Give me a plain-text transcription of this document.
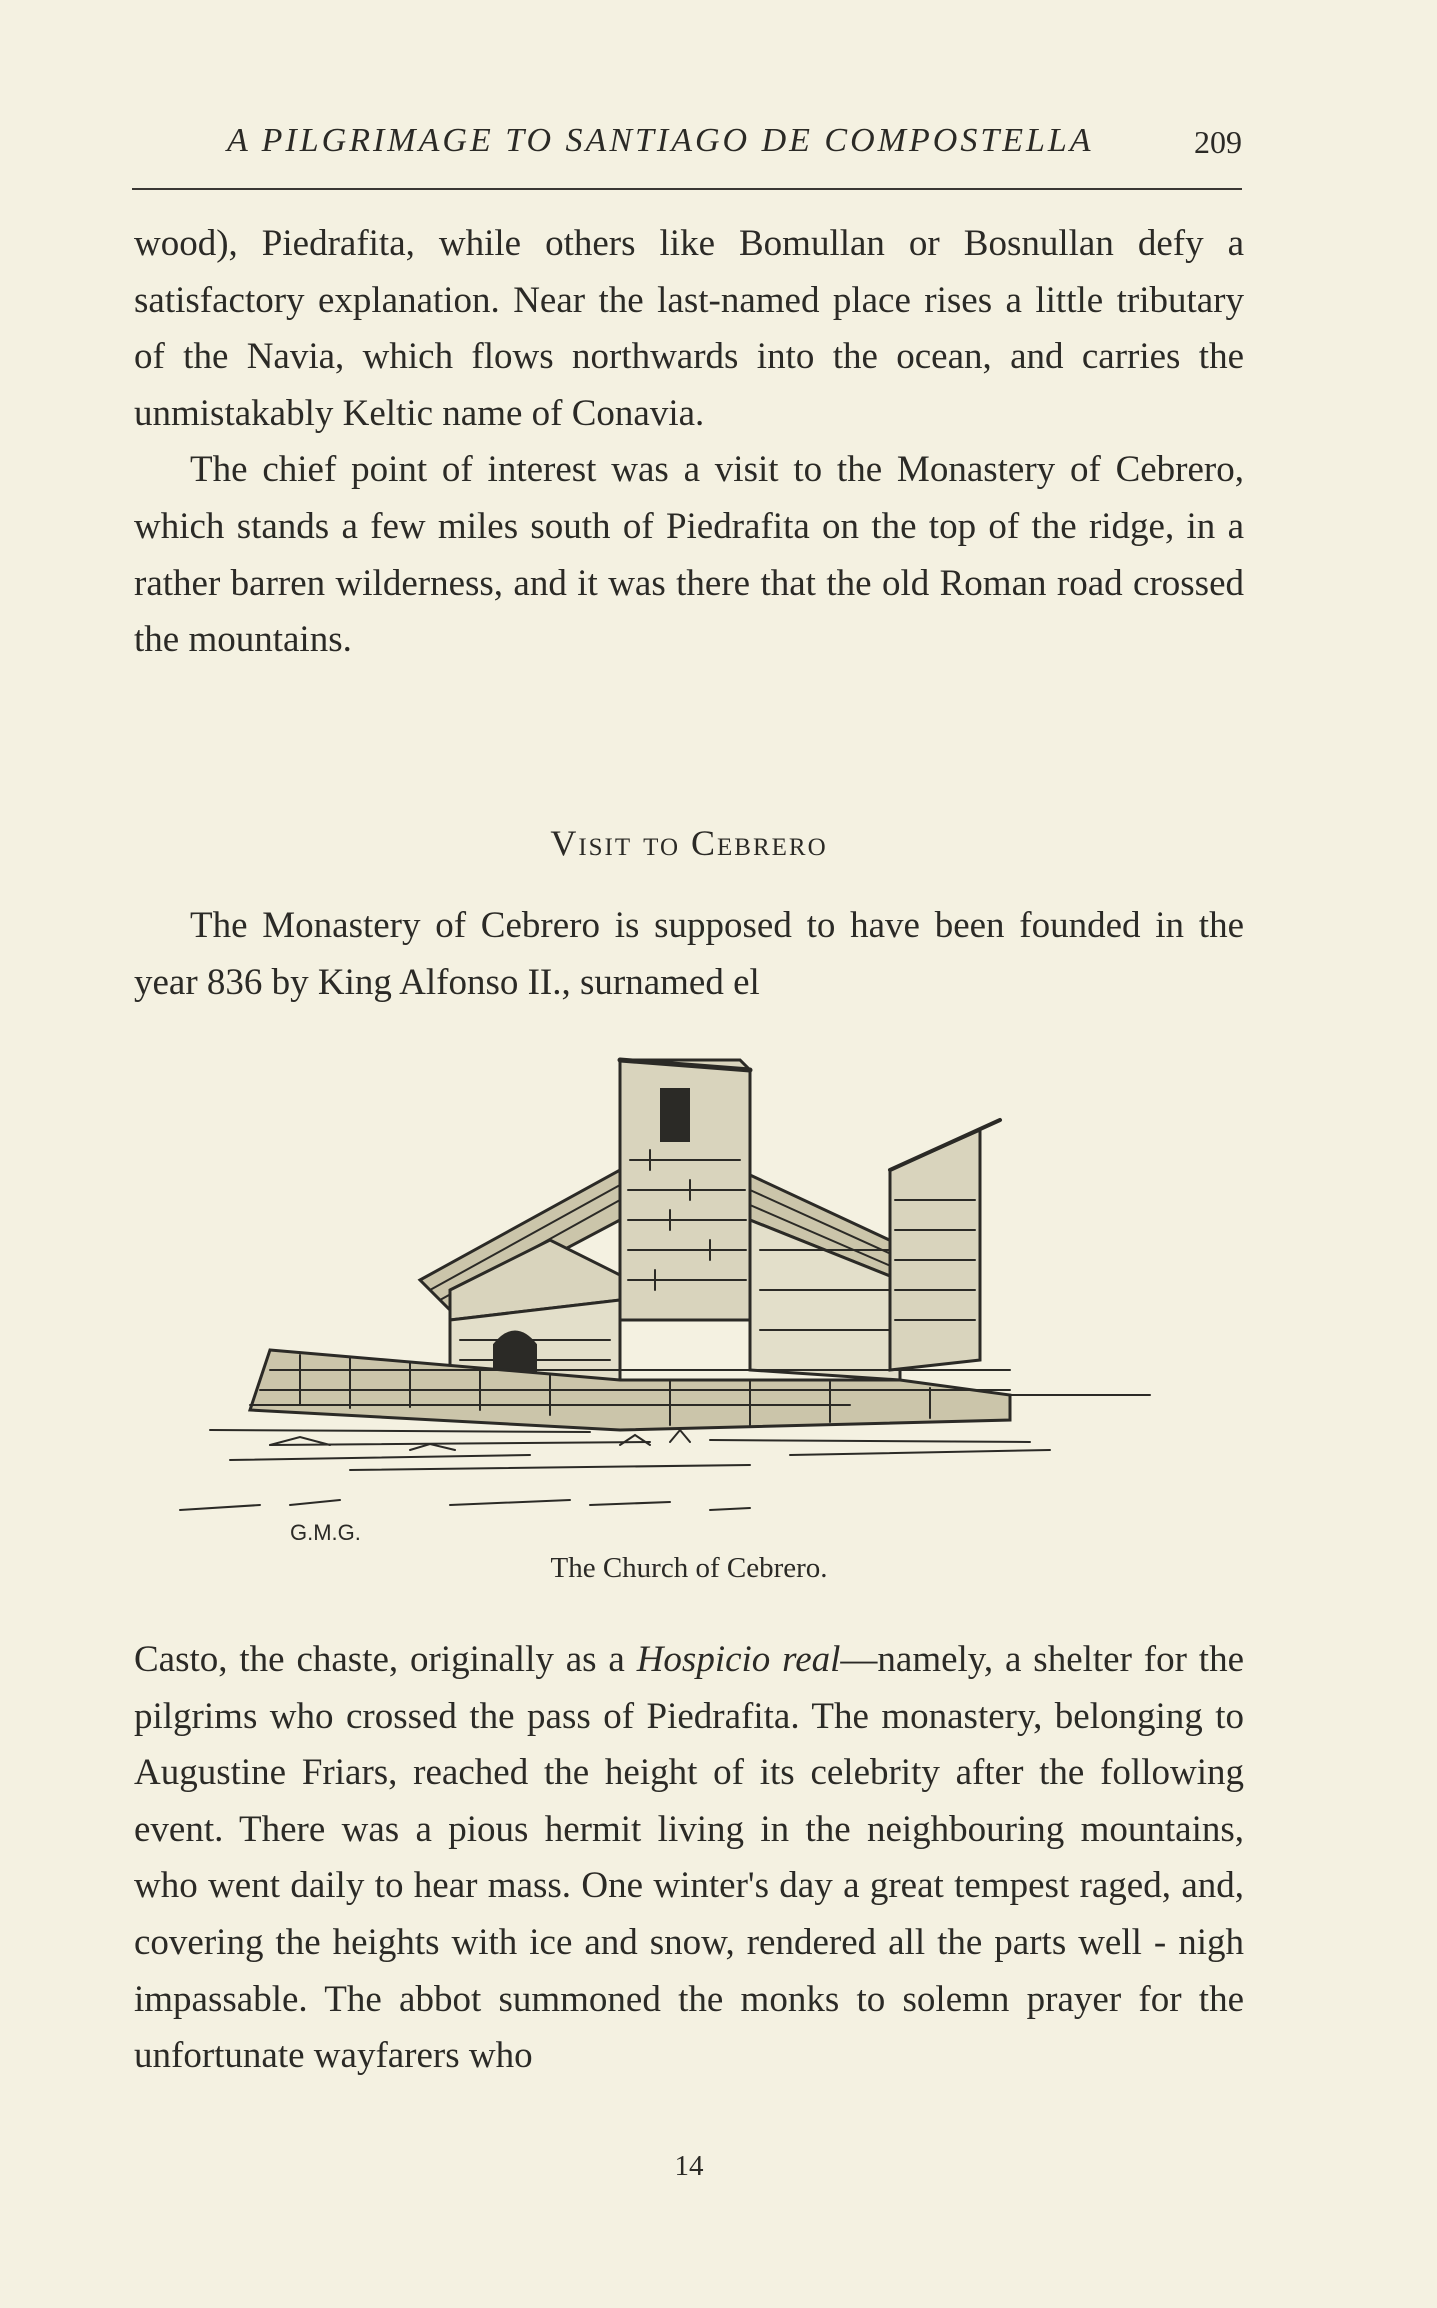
A PILGRIMAGE TO SANTIAGO DE COMPOSTELLA	209

wood), Piedrafita, while others like Bomullan or Bosnullan defy a satisfactory explanation. Near the last-named place rises a little tributary of the Navia, which flows northwards into the ocean, and carries the unmistakably Keltic name of Conavia.

The chief point of interest was a visit to the Monastery of Cebrero, which stands a few miles south of Piedrafita on the top of the ridge, in a rather barren wilderness, and it was there that the old Roman road crossed the mountains.

Visit to Cebrero

The Monastery of Cebrero is supposed to have been founded in the year 836 by King Alfonso II., surnamed el

G.M.G.
The Church of Cebrero.

Casto, the chaste, originally as a Hospicio real—namely, a shelter for the pilgrims who crossed the pass of Piedrafita. The monastery, belonging to Augustine Friars, reached the height of its celebrity after the following event. There was a pious hermit living in the neighbouring mountains, who went daily to hear mass. One winter's day a great tempest raged, and, covering the heights with ice and snow, rendered all the parts well - nigh impassable. The abbot summoned the monks to solemn prayer for the unfortunate wayfarers who

14
